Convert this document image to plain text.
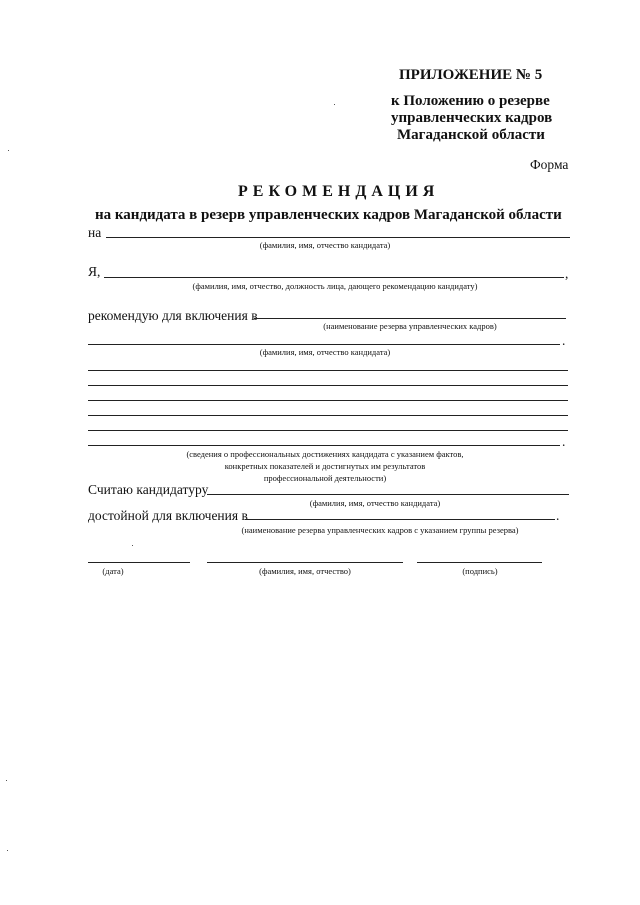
ПРИЛОЖЕНИЕ № 5
к Положению о резерве
управленческих кадров
Магаданской области
Форма
РЕКОМЕНДАЦИЯ
на кандидата в резерв управленческих кадров Магаданской области
на
(фамилия, имя, отчество кандидата)
Я,	,
(фамилия, имя, отчество, должность лица, дающего рекомендацию кандидату)
рекомендую для включения в
(наименование резерва управленческих кадров)
.
(фамилия, имя, отчество кандидата)
.
(сведения о профессиональных достижениях кандидата с указанием фактов,
конкретных показателей и достигнутых им результатов
профессиональной деятельности)
Считаю кандидатуру
(фамилия, имя, отчество кандидата)
достойной для включения в	.
(наименование резерва управленческих кадров с указанием группы резерва)
(дата)	(фамилия, имя, отчество)	(подпись)
